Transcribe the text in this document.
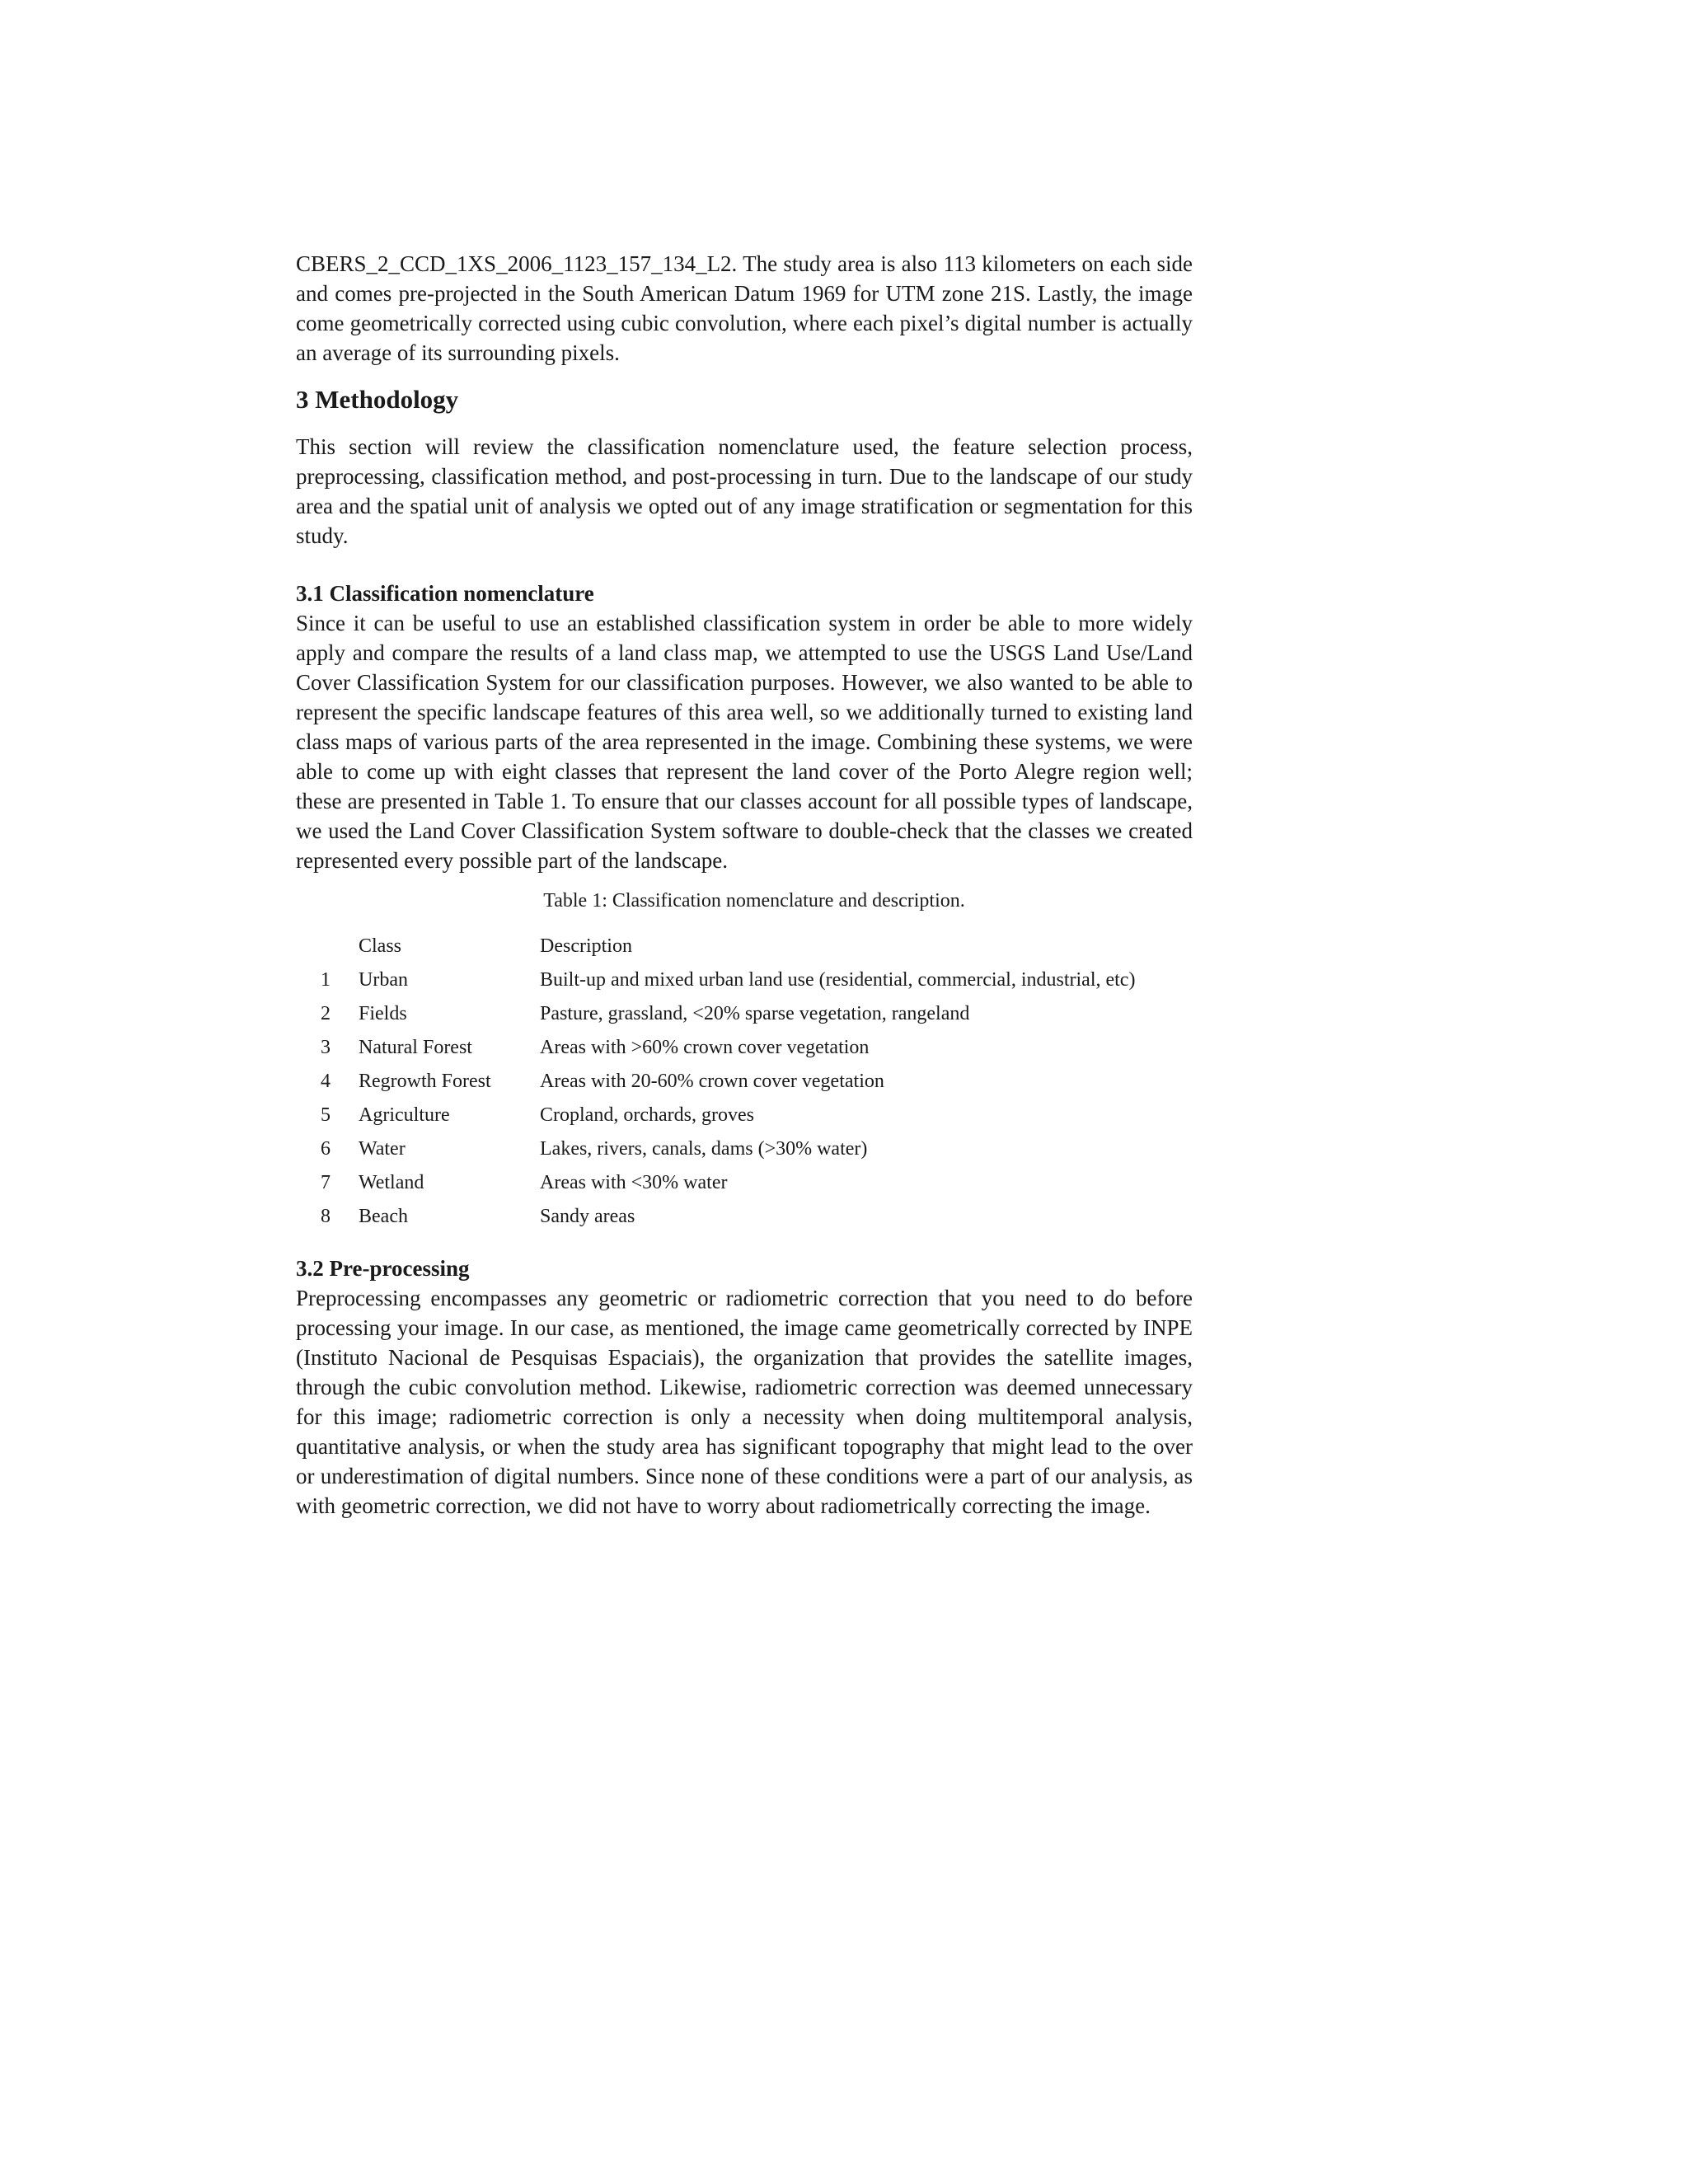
CBERS_2_CCD_1XS_2006_1123_157_134_L2. The study area is also 113 kilometers on each side and comes pre-projected in the South American Datum 1969 for UTM zone 21S. Lastly, the image come geometrically corrected using cubic convolution, where each pixel’s digital number is actually an average of its surrounding pixels.

3 Methodology

This section will review the classification nomenclature used, the feature selection process, preprocessing, classification method, and post-processing in turn. Due to the landscape of our study area and the spatial unit of analysis we opted out of any image stratification or segmentation for this study.

3.1 Classification nomenclature

Since it can be useful to use an established classification system in order be able to more widely apply and compare the results of a land class map, we attempted to use the USGS Land Use/Land Cover Classification System for our classification purposes. However, we also wanted to be able to represent the specific landscape features of this area well, so we additionally turned to existing land class maps of various parts of the area represented in the image. Combining these systems, we were able to come up with eight classes that represent the land cover of the Porto Alegre region well; these are presented in Table 1. To ensure that our classes account for all possible types of landscape, we used the Land Cover Classification System software to double-check that the classes we created represented every possible part of the landscape.

Table 1: Classification nomenclature and description.
	Class	Description
1	Urban	Built-up and mixed urban land use (residential, commercial, industrial, etc)
2	Fields	Pasture, grassland, <20% sparse vegetation, rangeland
3	Natural Forest	Areas with >60% crown cover vegetation
4	Regrowth Forest	Areas with 20-60% crown cover vegetation
5	Agriculture	Cropland, orchards, groves
6	Water	Lakes, rivers, canals, dams (>30% water)
7	Wetland	Areas with <30% water
8	Beach	Sandy areas
3.2 Pre-processing

Preprocessing encompasses any geometric or radiometric correction that you need to do before processing your image. In our case, as mentioned, the image came geometrically corrected by INPE (Instituto Nacional de Pesquisas Espaciais), the organization that provides the satellite images, through the cubic convolution method. Likewise, radiometric correction was deemed unnecessary for this image; radiometric correction is only a necessity when doing multitemporal analysis, quantitative analysis, or when the study area has significant topography that might lead to the over or underestimation of digital numbers. Since none of these conditions were a part of our analysis, as with geometric correction, we did not have to worry about radiometrically correcting the image.
